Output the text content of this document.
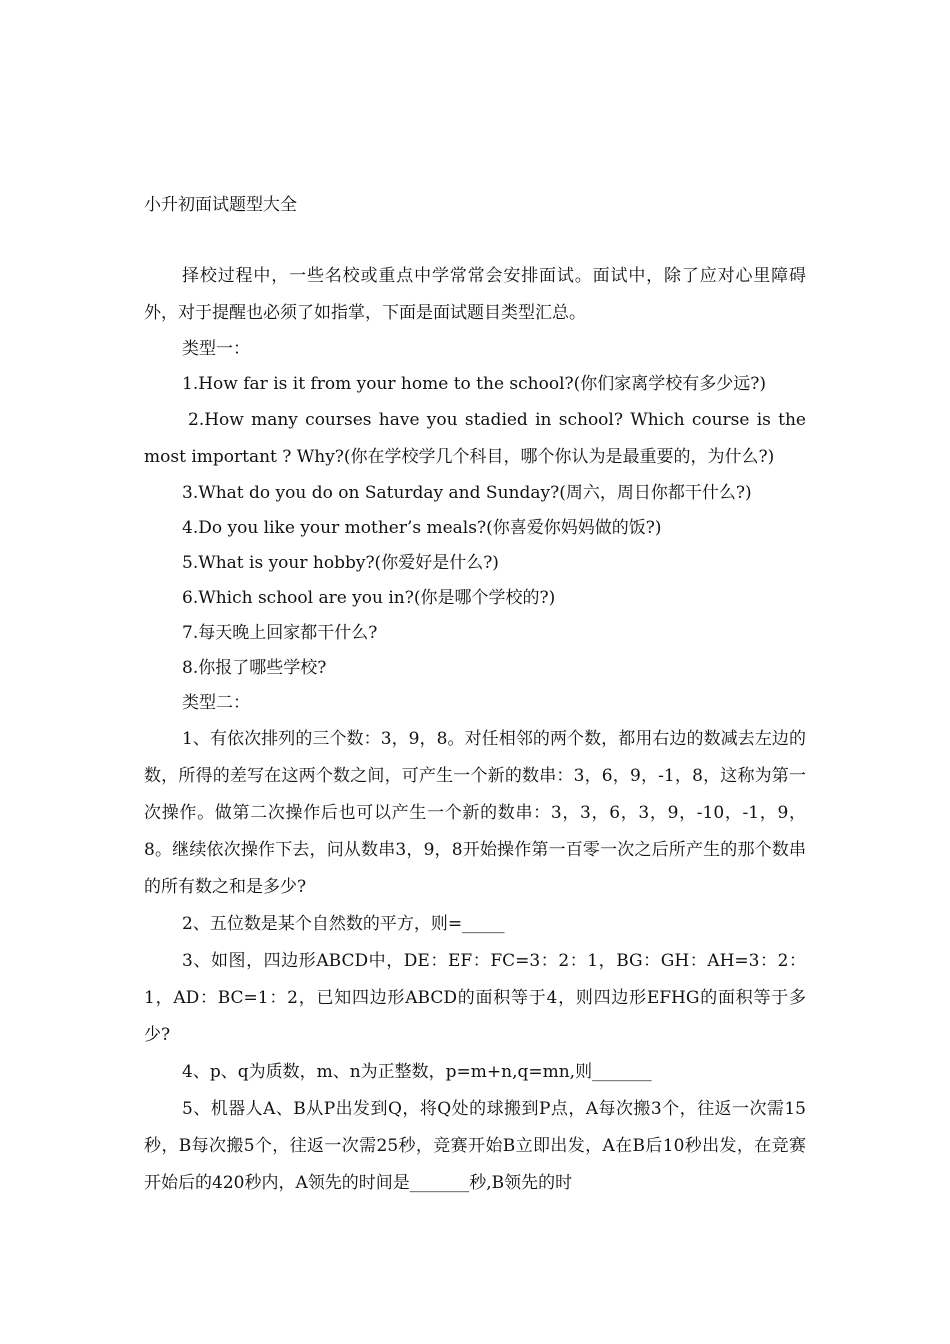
小升初面试题型大全

择校过程中，一些名校或重点中学常常会安排面试。面试中，除了应对心里障碍外，对于提醒也必须了如指掌，下面是面试题目类型汇总。

类型一：

1.How far is it from your home to the school?(你们家离学校有多少远?)

2.How many courses have you stadied in school? Which course is the most important ? Why?(你在学校学几个科目，哪个你认为是最重要的，为什么?)

3.What do you do on Saturday and Sunday?(周六，周日你都干什么?)

4.Do you like your mother’s meals?(你喜爱你妈妈做的饭?)

5.What is your hobby?(你爱好是什么?)

6.Which school are you in?(你是哪个学校的?)

7.每天晚上回家都干什么?

8.你报了哪些学校?

类型二：

1、有依次排列的三个数：3，9，8。对任相邻的两个数，都用右边的数减去左边的数，所得的差写在这两个数之间，可产生一个新的数串：3，6，9，-1，8，这称为第一次操作。做第二次操作后也可以产生一个新的数串：3，3，6，3，9，-10，-1，9，8。继续依次操作下去，问从数串3，9，8开始操作第一百零一次之后所产生的那个数串的所有数之和是多少?

2、五位数是某个自然数的平方，则=_____

3、如图，四边形ABCD中，DE：EF：FC=3：2：1，BG：GH：AH=3：2：1，AD：BC=1：2，已知四边形ABCD的面积等于4，则四边形EFHG的面积等于多少?

4、p、q为质数，m、n为正整数，p=m+n,q=mn,则_______

5、机器人A、B从P出发到Q，将Q处的球搬到P点，A每次搬3个，往返一次需15秒，B每次搬5个，往返一次需25秒，竞赛开始B立即出发，A在B后10秒出发，在竞赛开始后的420秒内，A领先的时间是_______秒,B领先的时
